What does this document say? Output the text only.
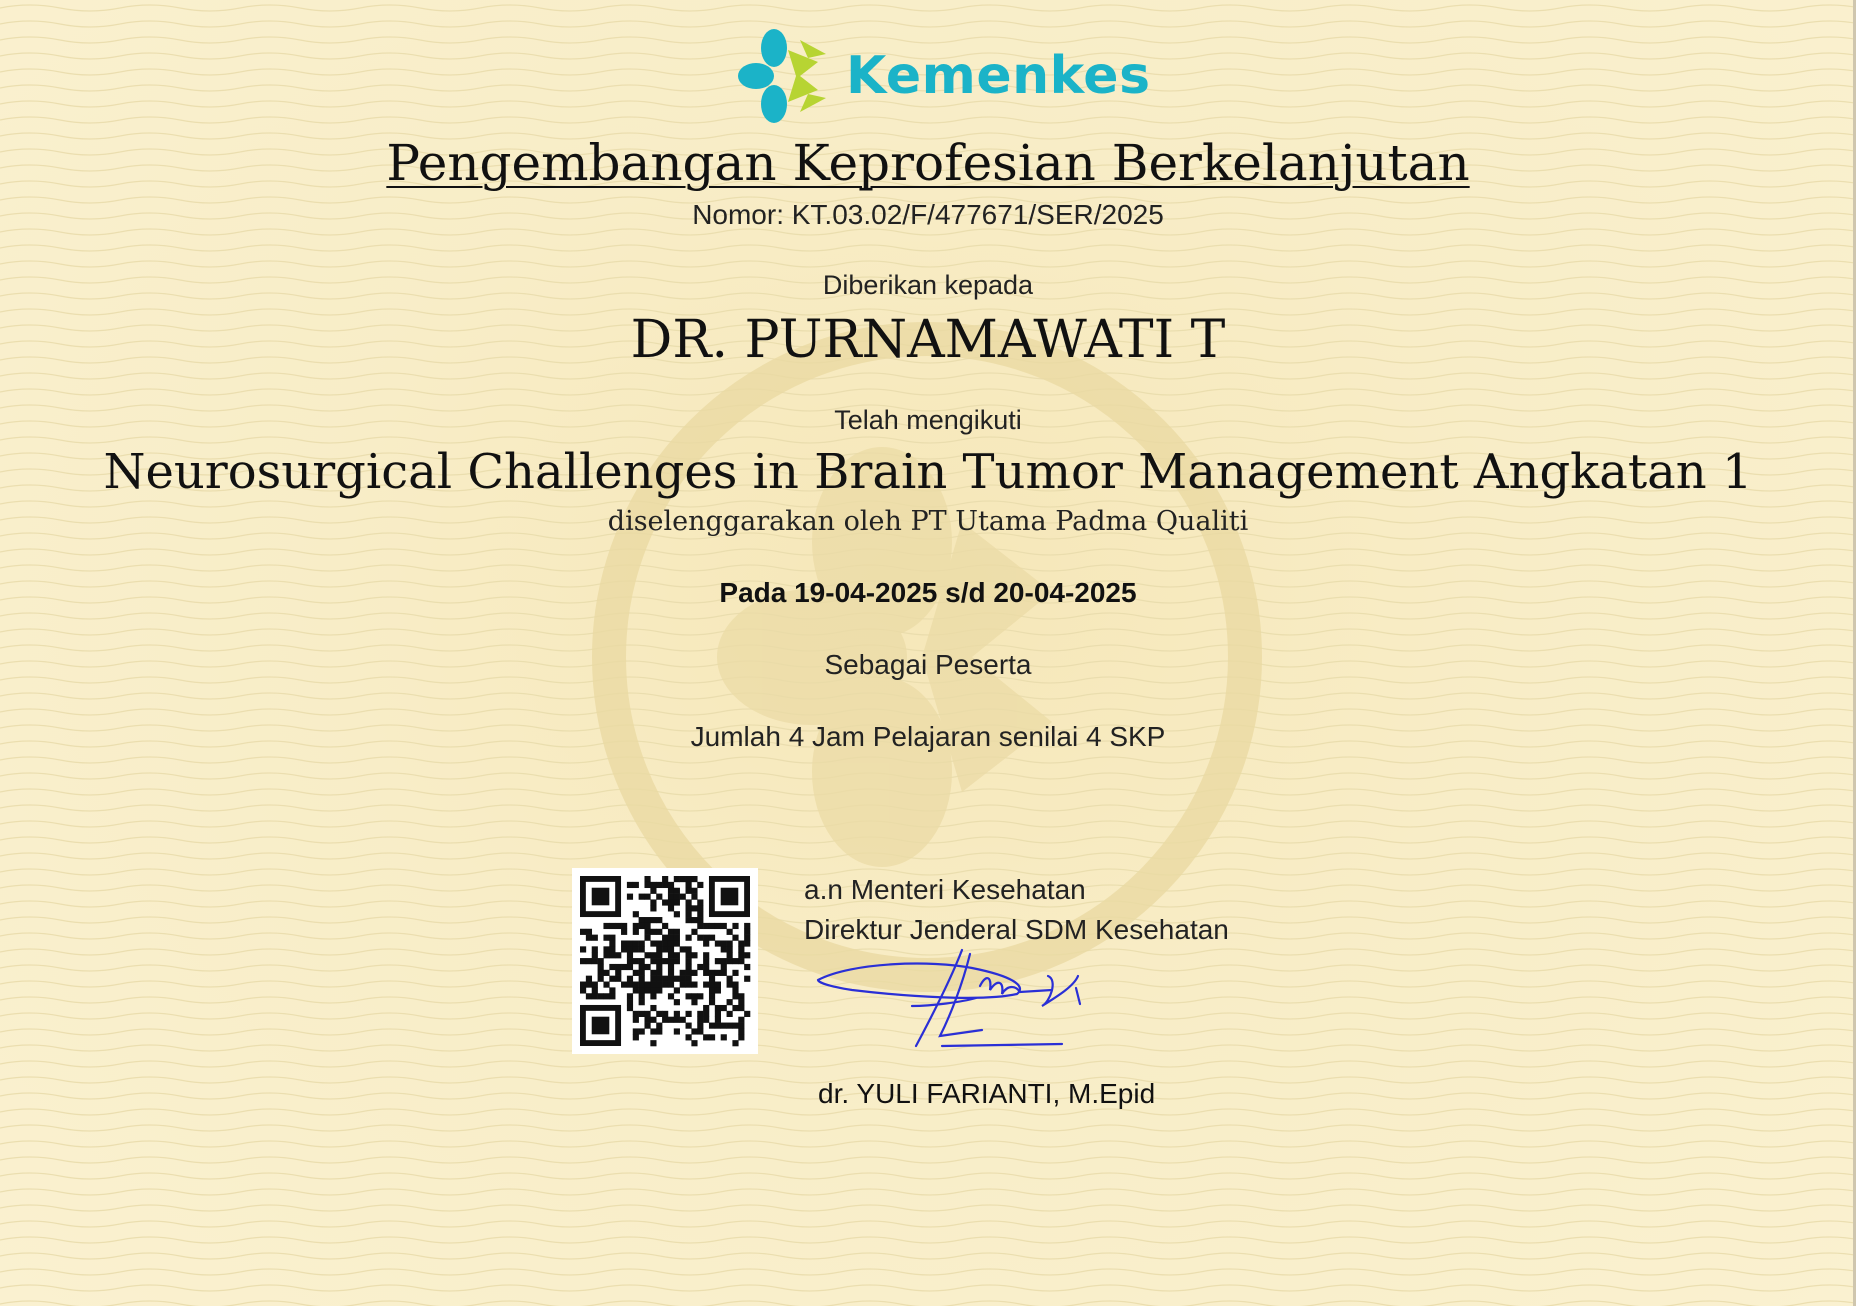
Kemenkes
Pengembangan Keprofesian Berkelanjutan
Nomor: KT.03.02/F/477671/SER/2025
Diberikan kepada
DR. PURNAMAWATI T
Telah mengikuti
Neurosurgical Challenges in Brain Tumor Management Angkatan 1
diselenggarakan oleh PT Utama Padma Qualiti
Pada 19-04-2025 s/d 20-04-2025
Sebagai Peserta
Jumlah 4 Jam Pelajaran senilai 4 SKP
a.n Menteri Kesehatan
Direktur Jenderal SDM Kesehatan
dr. YULI FARIANTI, M.Epid
